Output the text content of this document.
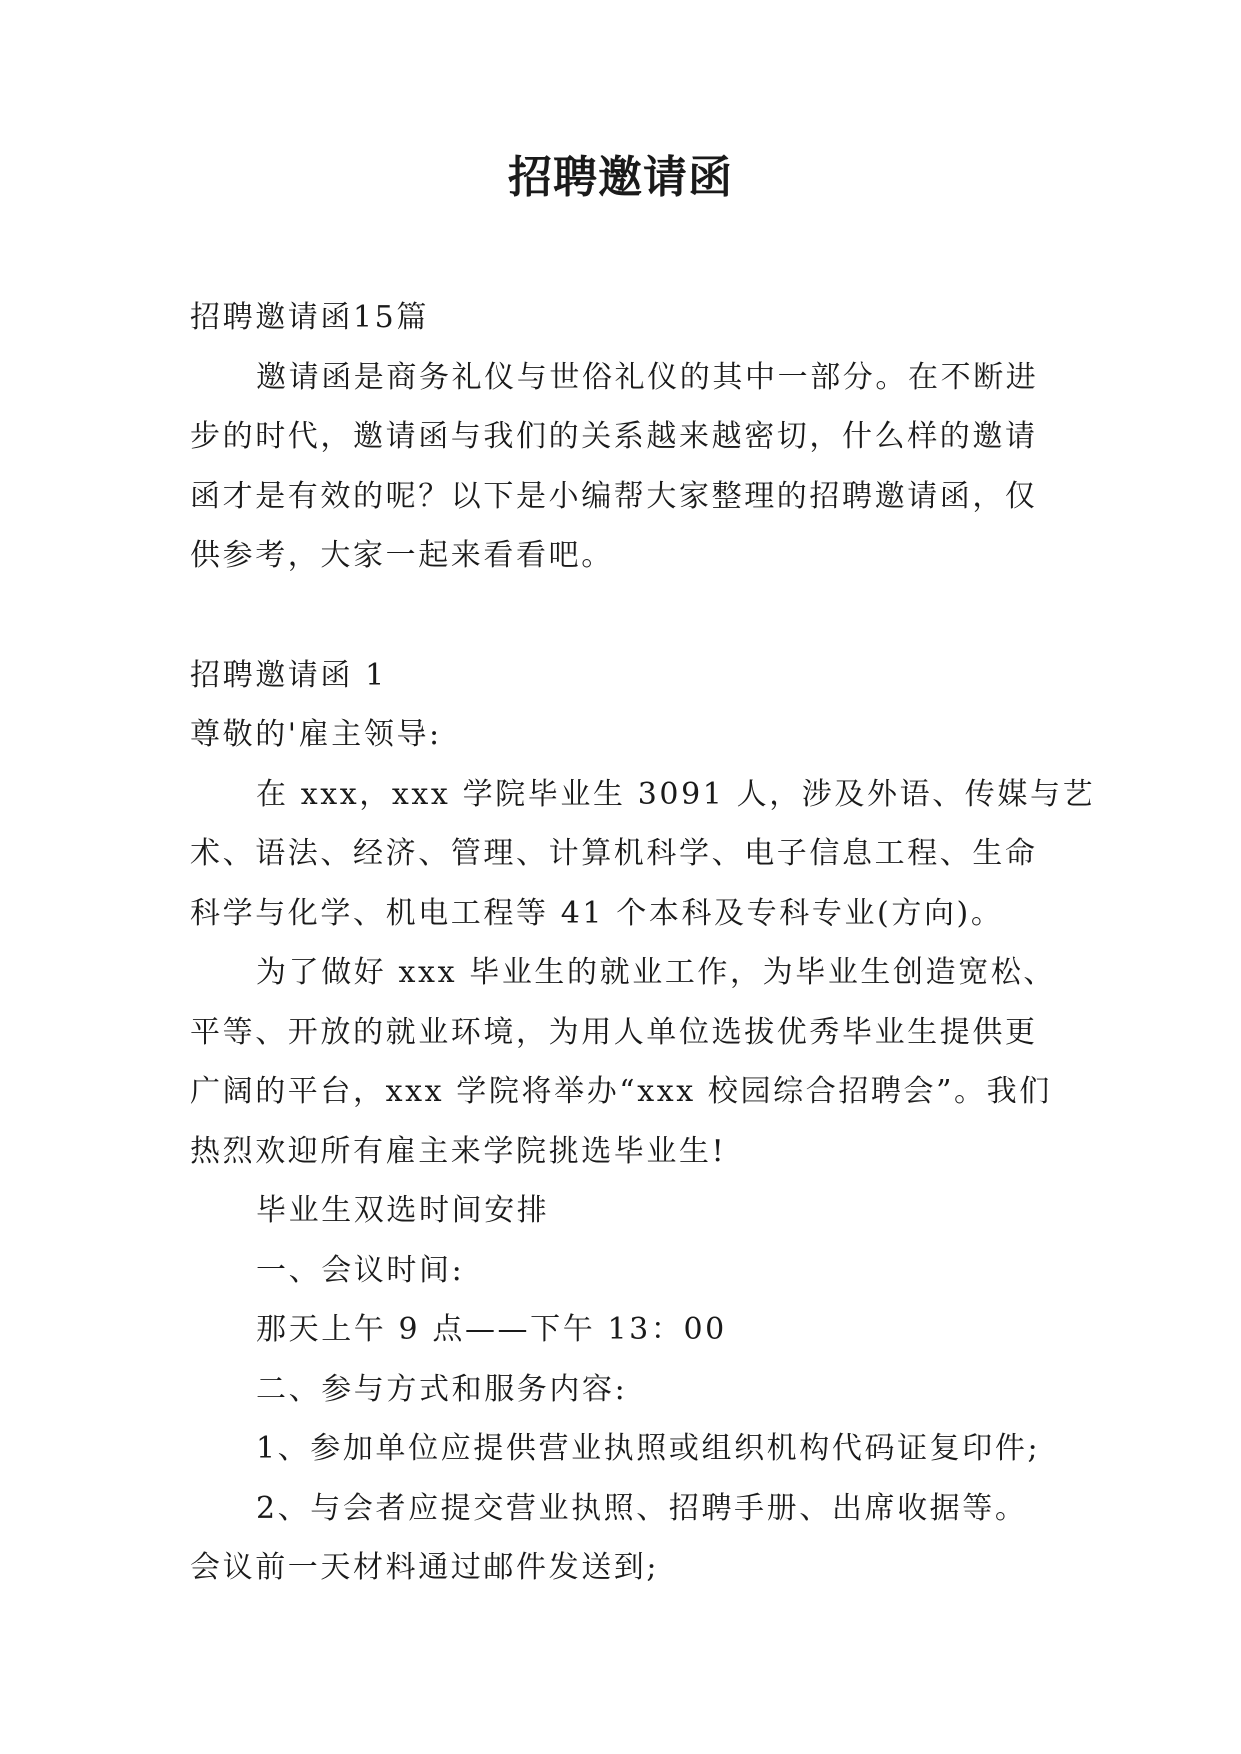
招聘邀请函
招聘邀请函15篇
邀请函是商务礼仪与世俗礼仪的其中一部分。在不断进
步的时代，邀请函与我们的关系越来越密切，什么样的邀请
函才是有效的呢？以下是小编帮大家整理的招聘邀请函，仅
供参考，大家一起来看看吧。
招聘邀请函 1
尊敬的'雇主领导:
在 xxx，xxx 学院毕业生 3091 人，涉及外语、传媒与艺
术、语法、经济、管理、计算机科学、电子信息工程、生命
科学与化学、机电工程等 41 个本科及专科专业(方向)。
为了做好 xxx 毕业生的就业工作，为毕业生创造宽松、
平等、开放的就业环境，为用人单位选拔优秀毕业生提供更
广阔的平台，xxx 学院将举办“xxx 校园综合招聘会”。我们
热烈欢迎所有雇主来学院挑选毕业生!
毕业生双选时间安排
一、会议时间:
那天上午 9 点——下午 13：00
二、参与方式和服务内容:
1、参加单位应提供营业执照或组织机构代码证复印件;
2、与会者应提交营业执照、招聘手册、出席收据等。
会议前一天材料通过邮件发送到;
